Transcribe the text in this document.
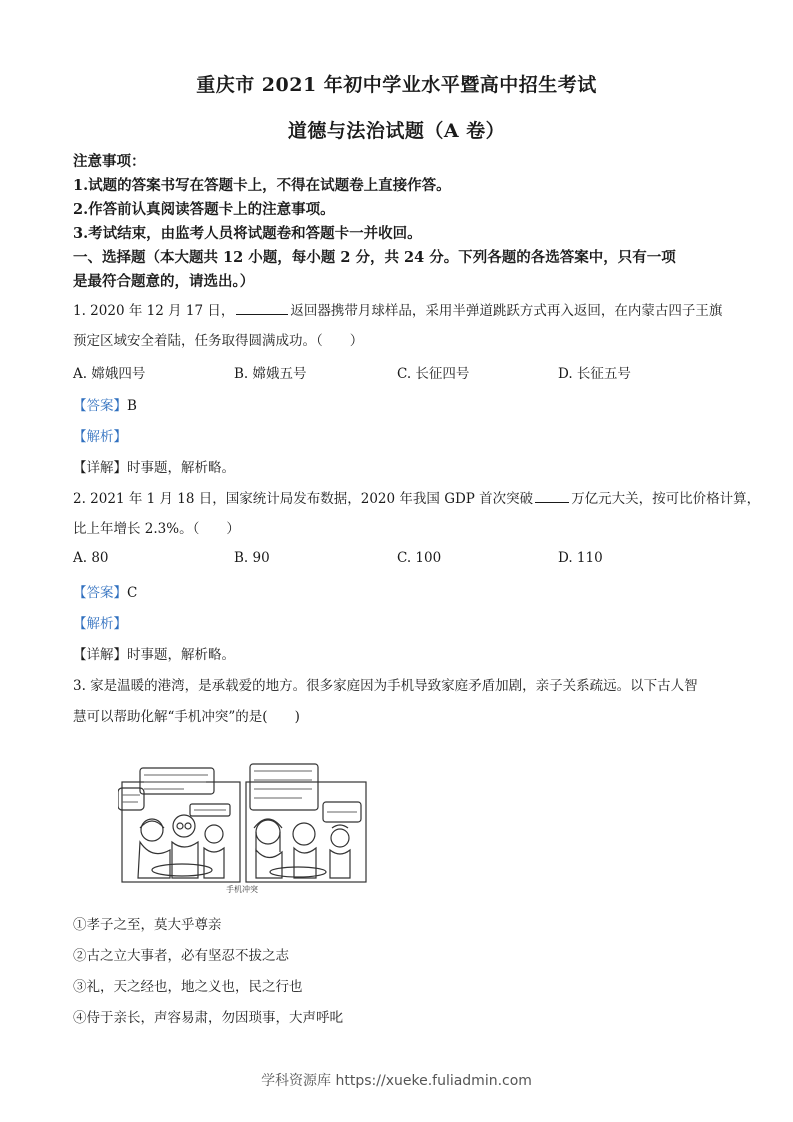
重庆市 2021 年初中学业水平暨高中招生考试
道德与法治试题（A 卷）
注意事项：
1.试题的答案书写在答题卡上，不得在试题卷上直接作答。
2.作答前认真阅读答题卡上的注意事项。
3.考试结束，由监考人员将试题卷和答题卡一并收回。
一、选择题（本大题共 12 小题，每小题 2 分，共 24 分。下列各题的各选答案中，只有一项
是最符合题意的，请选出。）
1. 2020 年 12 月 17 日，	返回器携带月球样品，采用半弹道跳跃方式再入返回，在内蒙古四子王旗
预定区域安全着陆，任务取得圆满成功。（　　）
A. 嫦娥四号	B. 嫦娥五号	C. 长征四号	D. 长征五号
【答案】B
【解析】
【详解】时事题，解析略。
2. 2021 年 1 月 18 日，国家统计局发布数据，2020 年我国 GDP 首次突破	万亿元大关，按可比价格计算，
比上年增长 2.3%。（　　）
A. 80	B. 90	C. 100	D. 110
【答案】C
【解析】
【详解】时事题，解析略。
3. 家是温暖的港湾，是承载爱的地方。很多家庭因为手机导致家庭矛盾加剧，亲子关系疏远。以下古人智
慧可以帮助化解“手机冲突”的是(　　)
手机冲突
①孝子之至，莫大乎尊亲
②古之立大事者，必有坚忍不拔之志
③礼，天之经也，地之义也，民之行也
④侍于亲长，声容易肃，勿因琐事，大声呼叱
学科资源库 https://xueke.fuliadmin.com
